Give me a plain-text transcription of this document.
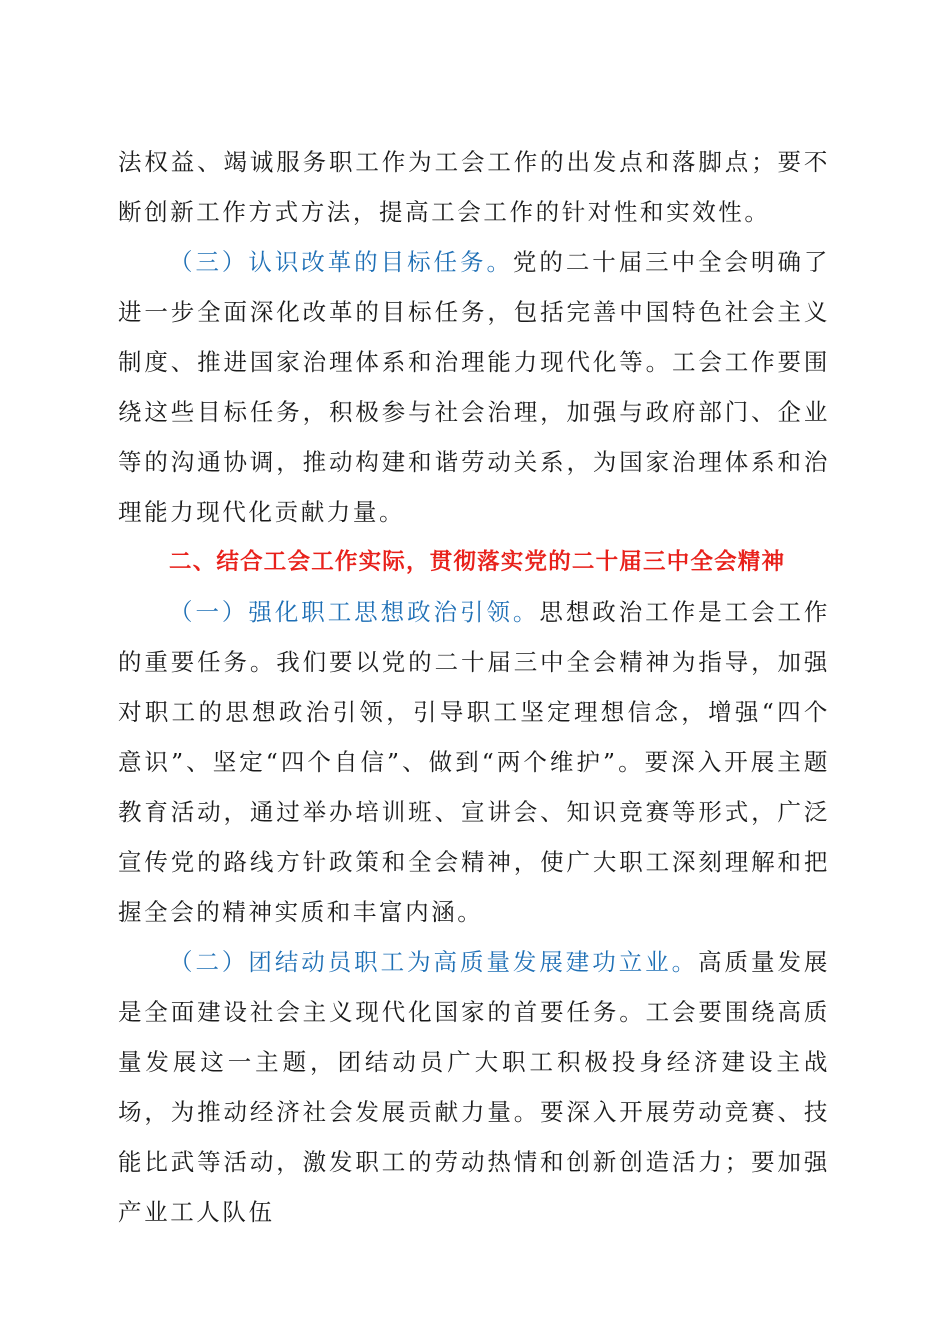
法权益、竭诚服务职工作为工会工作的出发点和落脚点；要不断创新工作方式方法，提高工会工作的针对性和实效性。

（三）认识改革的目标任务。党的二十届三中全会明确了进一步全面深化改革的目标任务，包括完善中国特色社会主义制度、推进国家治理体系和治理能力现代化等。工会工作要围绕这些目标任务，积极参与社会治理，加强与政府部门、企业等的沟通协调，推动构建和谐劳动关系，为国家治理体系和治理能力现代化贡献力量。

二、结合工会工作实际，贯彻落实党的二十届三中全会精神

（一）强化职工思想政治引领。思想政治工作是工会工作的重要任务。我们要以党的二十届三中全会精神为指导，加强对职工的思想政治引领，引导职工坚定理想信念，增强“四个意识”、坚定“四个自信”、做到“两个维护”。要深入开展主题教育活动，通过举办培训班、宣讲会、知识竞赛等形式，广泛宣传党的路线方针政策和全会精神，使广大职工深刻理解和把握全会的精神实质和丰富内涵。

（二）团结动员职工为高质量发展建功立业。高质量发展是全面建设社会主义现代化国家的首要任务。工会要围绕高质量发展这一主题，团结动员广大职工积极投身经济建设主战场，为推动经济社会发展贡献力量。要深入开展劳动竞赛、技能比武等活动，激发职工的劳动热情和创新创造活力；要加强产业工人队伍
